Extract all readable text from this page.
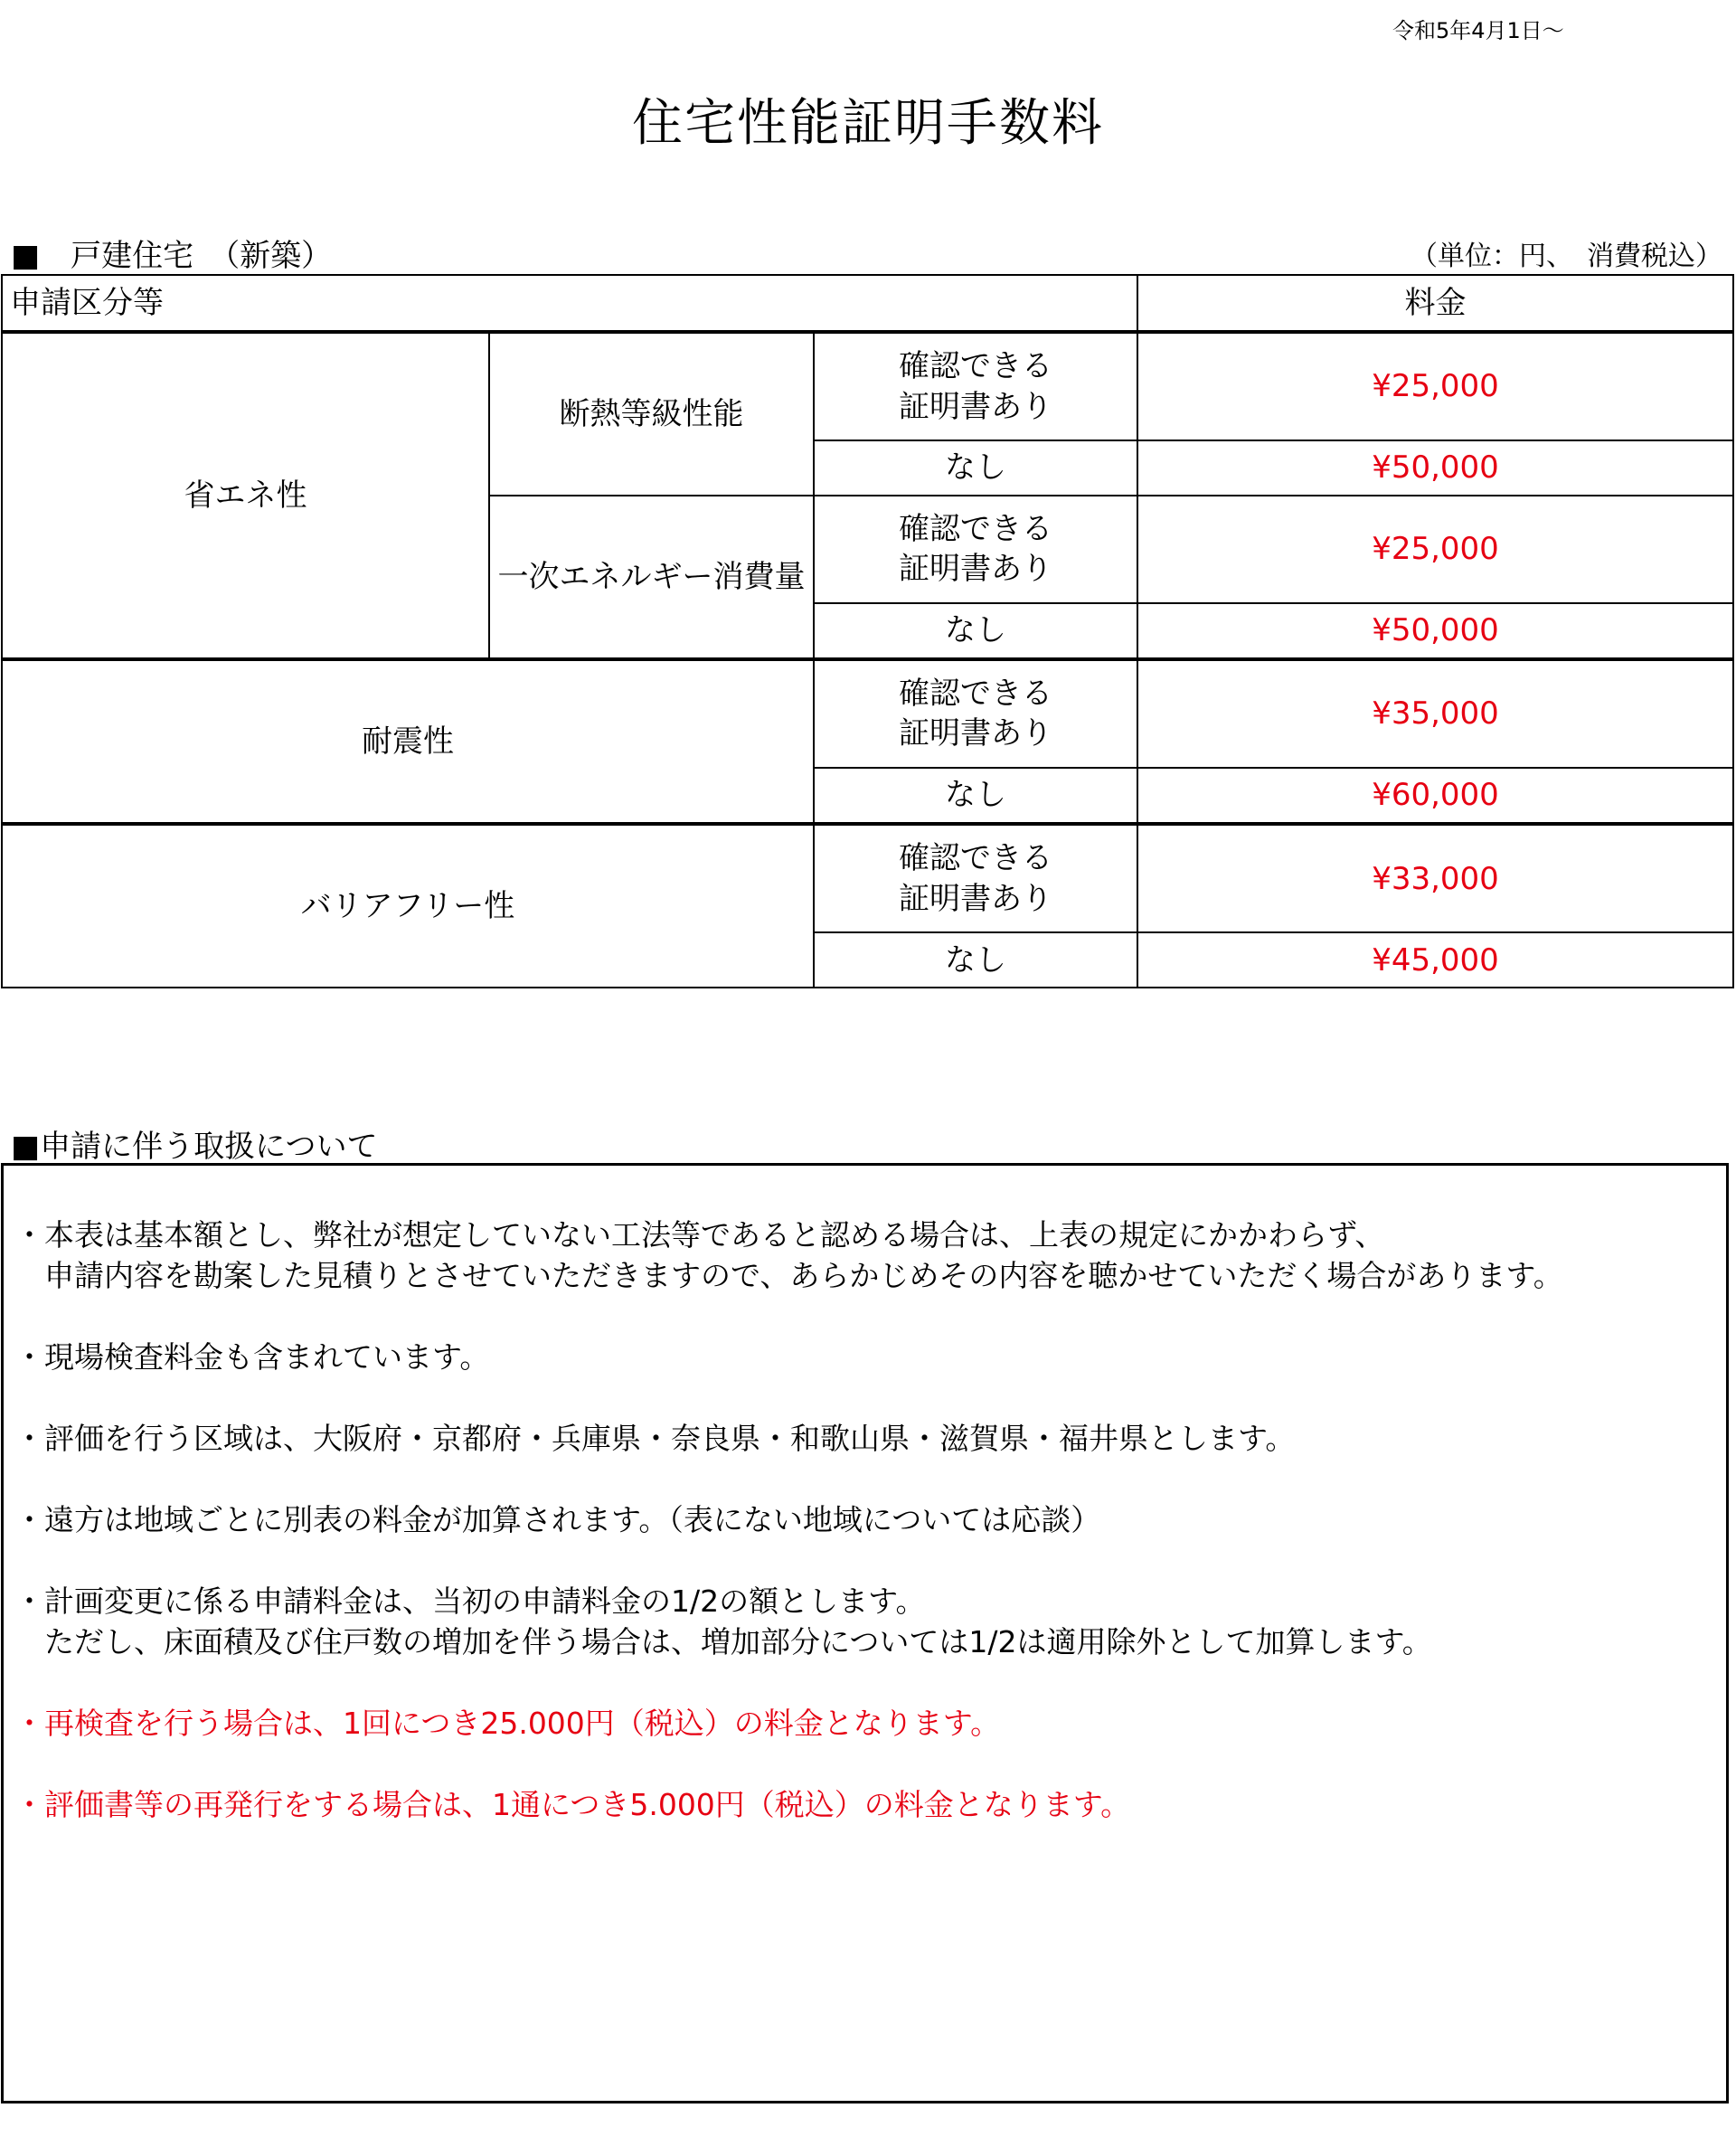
令和5年4月1日～
住宅性能証明手数料
■　戸建住宅　（新築）	（単位：円、　消費税込）
申請区分等			料金
省エネ性	断熱等級性能	確認できる
証明書あり	¥25,000
		なし	¥50,000
	一次エネルギー消費量	確認できる
証明書あり	¥25,000
		なし	¥50,000
耐震性		確認できる
証明書あり	¥35,000
		なし	¥60,000
バリアフリー性		確認できる
証明書あり	¥33,000
		なし	¥45,000
■申請に伴う取扱について
・本表は基本額とし、弊社が想定していない工法等であると認める場合は、上表の規定にかかわらず、
　申請内容を勘案した見積りとさせていただきますので、あらかじめその内容を聴かせていただく場合があります。
・現場検査料金も含まれています。
・評価を行う区域は、大阪府・京都府・兵庫県・奈良県・和歌山県・滋賀県・福井県とします。
・遠方は地域ごとに別表の料金が加算されます。（表にない地域については応談）
・計画変更に係る申請料金は、当初の申請料金の1/2の額とします。
　ただし、床面積及び住戸数の増加を伴う場合は、増加部分については1/2は適用除外として加算します。
・再検査を行う場合は、1回につき25.000円（税込）の料金となります。
・評価書等の再発行をする場合は、1通につき5.000円（税込）の料金となります。
